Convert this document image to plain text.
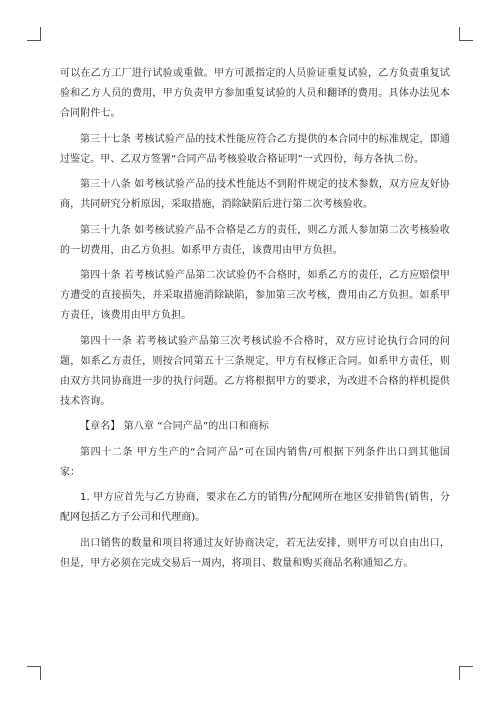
可以在乙方工厂进行试验或重做。甲方可派指定的人员验证重复试验，乙方负责重复试验和乙方人员的费用，甲方负责甲方参加重复试验的人员和翻译的费用。具体办法见本合同附件七。

第三十七条 考核试验产品的技术性能应符合乙方提供的本合同中的标准规定，即通过鉴定。甲、乙双方签署“合同产品考核验收合格证明”一式四份，每方各执二份。

第三十八条 如考核试验产品的技术性能达不到附件规定的技术参数，双方应友好协商，共同研究分析原因，采取措施，消除缺陷后进行第二次考核验收。

第三十九条 如考核试验产品不合格是乙方的责任，则乙方派人参加第二次考核验收的一切费用，由乙方负担。如系甲方责任，该费用由甲方负担。

第四十条 若考核试验产品第二次试验仍不合格时，如系乙方的责任，乙方应赔偿甲方遭受的直接损失，并采取措施消除缺陷，参加第三次考核，费用由乙方负担。如系甲方责任，该费用由甲方负担。

第四十一条 若考核试验产品第三次考核试验不合格时，双方应讨论执行合同的问题，如系乙方责任，则按合同第五十三条规定，甲方有权修正合同。如系甲方责任，则由双方共同协商进一步的执行问题。乙方将根据甲方的要求，为改进不合格的样机提供技术咨询。

【章名】 第八章 “合同产品”的出口和商标

第四十二条 甲方生产的“合同产品”可在国内销售/可根据下列条件出口到其他国家：

1. 甲方应首先与乙方协商，要求在乙方的销售/分配网所在地区安排销售(销售，分配网包括乙方子公司和代理商)。

出口销售的数量和项目将通过友好协商决定，若无法安排，则甲方可以自由出口，但是，甲方必须在完成交易后一周内，将项目、数量和购买商品名称通知乙方。
